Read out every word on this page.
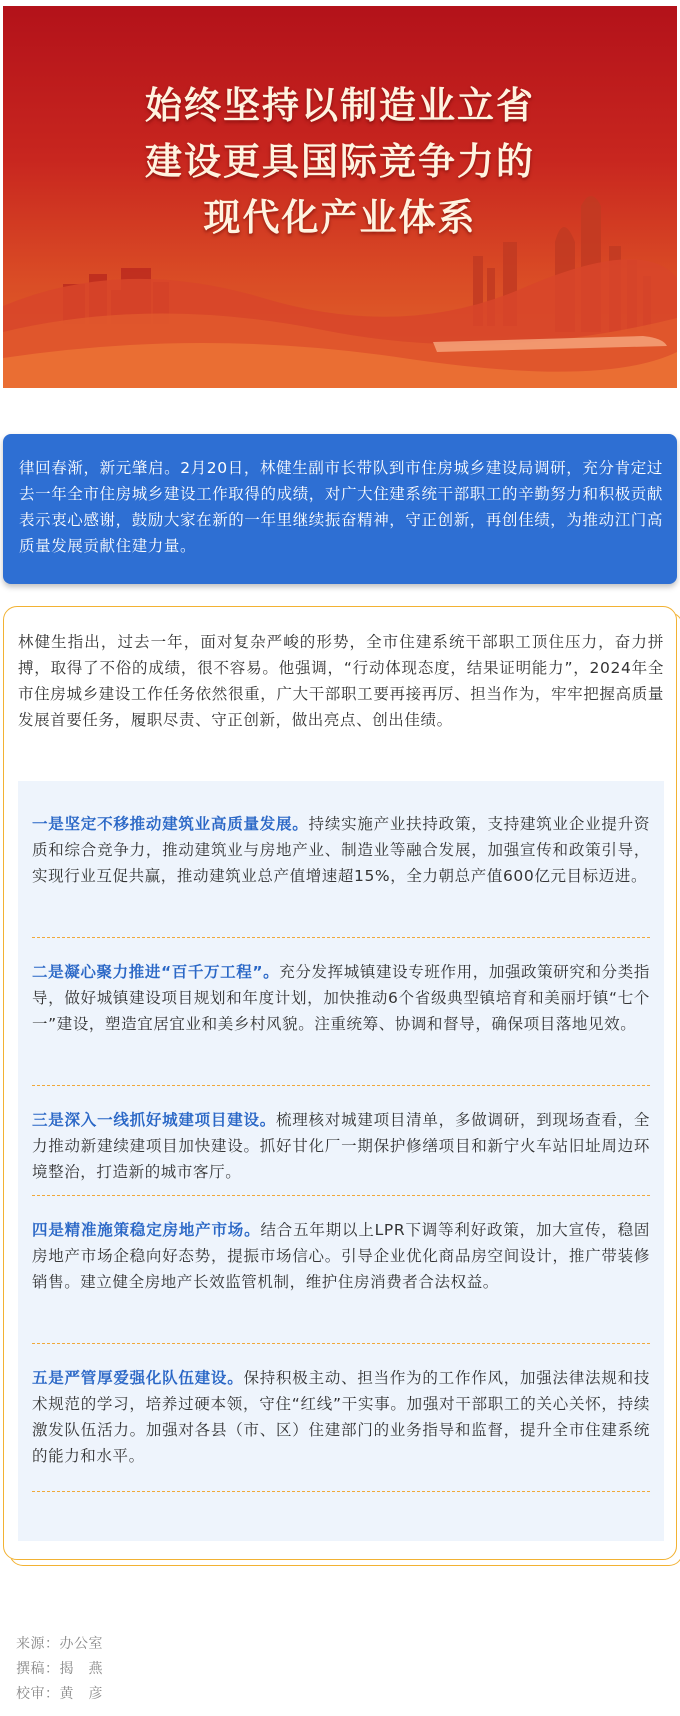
始终坚持以制造业立省
建设更具国际竞争力的
现代化产业体系
律回春渐，新元肇启。2月20日，林健生副市长带队到市住房城乡建设局调研，充分肯定过去一年全市住房城乡建设工作取得的成绩，对广大住建系统干部职工的辛勤努力和积极贡献表示衷心感谢，鼓励大家在新的一年里继续振奋精神，守正创新，再创佳绩，为推动江门高质量发展贡献住建力量。
林健生指出，过去一年，面对复杂严峻的形势，全市住建系统干部职工顶住压力，奋力拼搏，取得了不俗的成绩，很不容易。他强调，“行动体现态度，结果证明能力”，2024年全市住房城乡建设工作任务依然很重，广大干部职工要再接再厉、担当作为，牢牢把握高质量发展首要任务，履职尽责、守正创新，做出亮点、创出佳绩。
一是坚定不移推动建筑业高质量发展。持续实施产业扶持政策，支持建筑业企业提升资质和综合竞争力，推动建筑业与房地产业、制造业等融合发展，加强宣传和政策引导，实现行业互促共赢，推动建筑业总产值增速超15%，全力朝总产值600亿元目标迈进。
二是凝心聚力推进“百千万工程”。充分发挥城镇建设专班作用，加强政策研究和分类指导，做好城镇建设项目规划和年度计划，加快推动6个省级典型镇培育和美丽圩镇“七个一”建设，塑造宜居宜业和美乡村风貌。注重统筹、协调和督导，确保项目落地见效。
三是深入一线抓好城建项目建设。梳理核对城建项目清单，多做调研，到现场查看，全力推动新建续建项目加快建设。抓好甘化厂一期保护修缮项目和新宁火车站旧址周边环境整治，打造新的城市客厅。
四是精准施策稳定房地产市场。结合五年期以上LPR下调等利好政策，加大宣传，稳固房地产市场企稳向好态势，提振市场信心。引导企业优化商品房空间设计，推广带装修销售。建立健全房地产长效监管机制，维护住房消费者合法权益。
五是严管厚爱强化队伍建设。保持积极主动、担当作为的工作作风，加强法律法规和技术规范的学习，培养过硬本领，守住“红线”干实事。加强对干部职工的关心关怀，持续激发队伍活力。加强对各县（市、区）住建部门的业务指导和监督，提升全市住建系统的能力和水平。
来源：办公室
撰稿：揭　燕
校审：黄　彦
